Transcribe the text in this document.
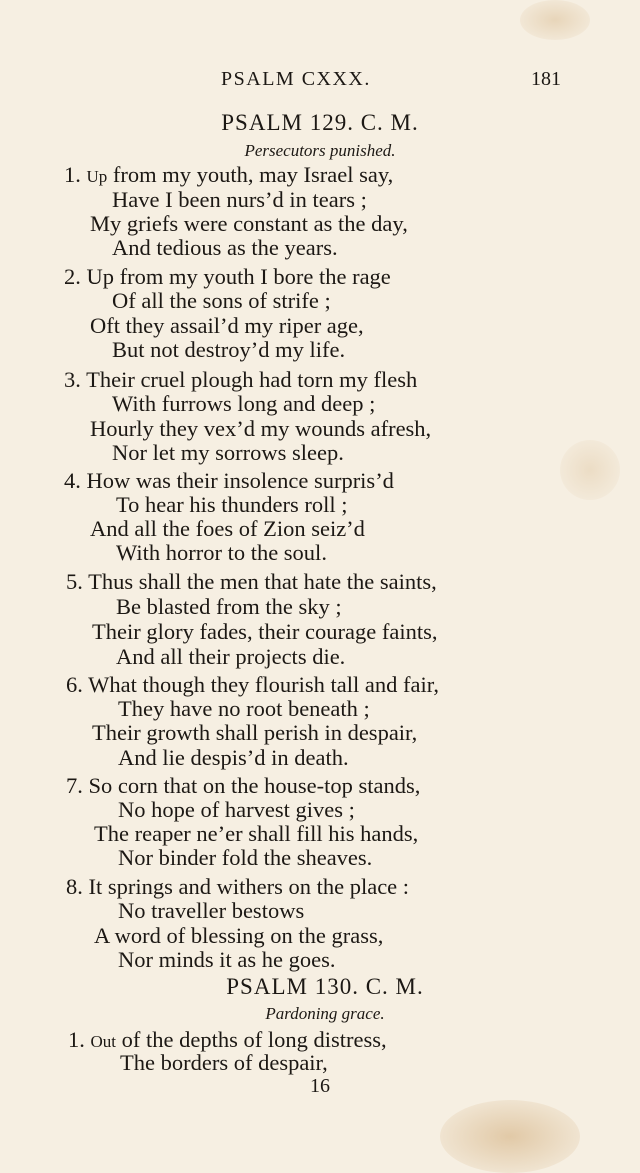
PSALM CXXX.	181
PSALM 129. C. M.
Persecutors punished.
1. Up from my youth, may Israel say,
Have I been nurs’d in tears ;
My griefs were constant as the day,
And tedious as the years.
2. Up from my youth I bore the rage
Of all the sons of strife ;
Oft they assail’d my riper age,
But not destroy’d my life.
3. Their cruel plough had torn my flesh
With furrows long and deep ;
Hourly they vex’d my wounds afresh,
Nor let my sorrows sleep.
4. How was their insolence surpris’d
To hear his thunders roll ;
And all the foes of Zion seiz’d
With horror to the soul.
5. Thus shall the men that hate the saints,
Be blasted from the sky ;
Their glory fades, their courage faints,
And all their projects die.
6. What though they flourish tall and fair,
They have no root beneath ;
Their growth shall perish in despair,
And lie despis’d in death.
7. So corn that on the house-top stands,
No hope of harvest gives ;
The reaper ne’er shall fill his hands,
Nor binder fold the sheaves.
8. It springs and withers on the place :
No traveller bestows
A word of blessing on the grass,
Nor minds it as he goes.
PSALM 130. C. M.
Pardoning grace.
1. Out of the depths of long distress,
The borders of despair,
16
